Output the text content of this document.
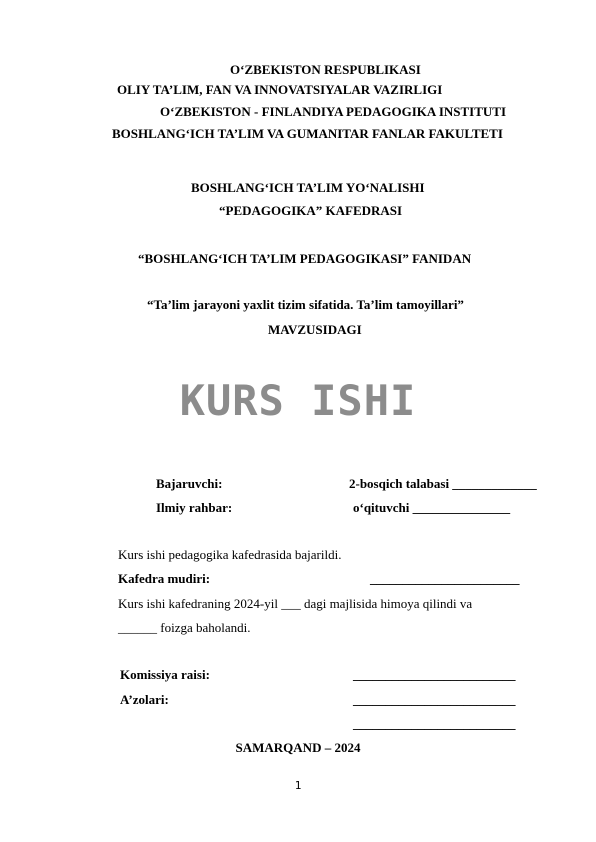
O‘ZBEKISTON RESPUBLIKASI
OLIY TA’LIM, FAN VA INNOVATSIYALAR VAZIRLIGI
O‘ZBEKISTON - FINLANDIYA PEDAGOGIKA INSTITUTI
BOSHLANG‘ICH TA’LIM VA GUMANITAR FANLAR FAKULTETI
BOSHLANG‘ICH TA’LIM YO‘NALISHI
“PEDAGOGIKA” KAFEDRASI
“BOSHLANG‘ICH TA’LIM PEDAGOGIKASI” FANIDAN
“Ta’lim jarayoni yaxlit tizim sifatida. Ta’lim tamoyillari”
MAVZUSIDAGI
KURS ISHI
Bajaruvchi:	2-bosqich talabasi _____________
Ilmiy rahbar:	o‘qituvchi _______________
Kurs ishi pedagogika kafedrasida bajarildi.
Kafedra mudiri:	_______________________
Kurs ishi kafedraning 2024-yil ___ dagi majlisida himoya qilindi va
______ foizga baholandi.
Komissiya raisi:	_________________________
A’zolari:	_________________________
_________________________
SAMARQAND – 2024
1
